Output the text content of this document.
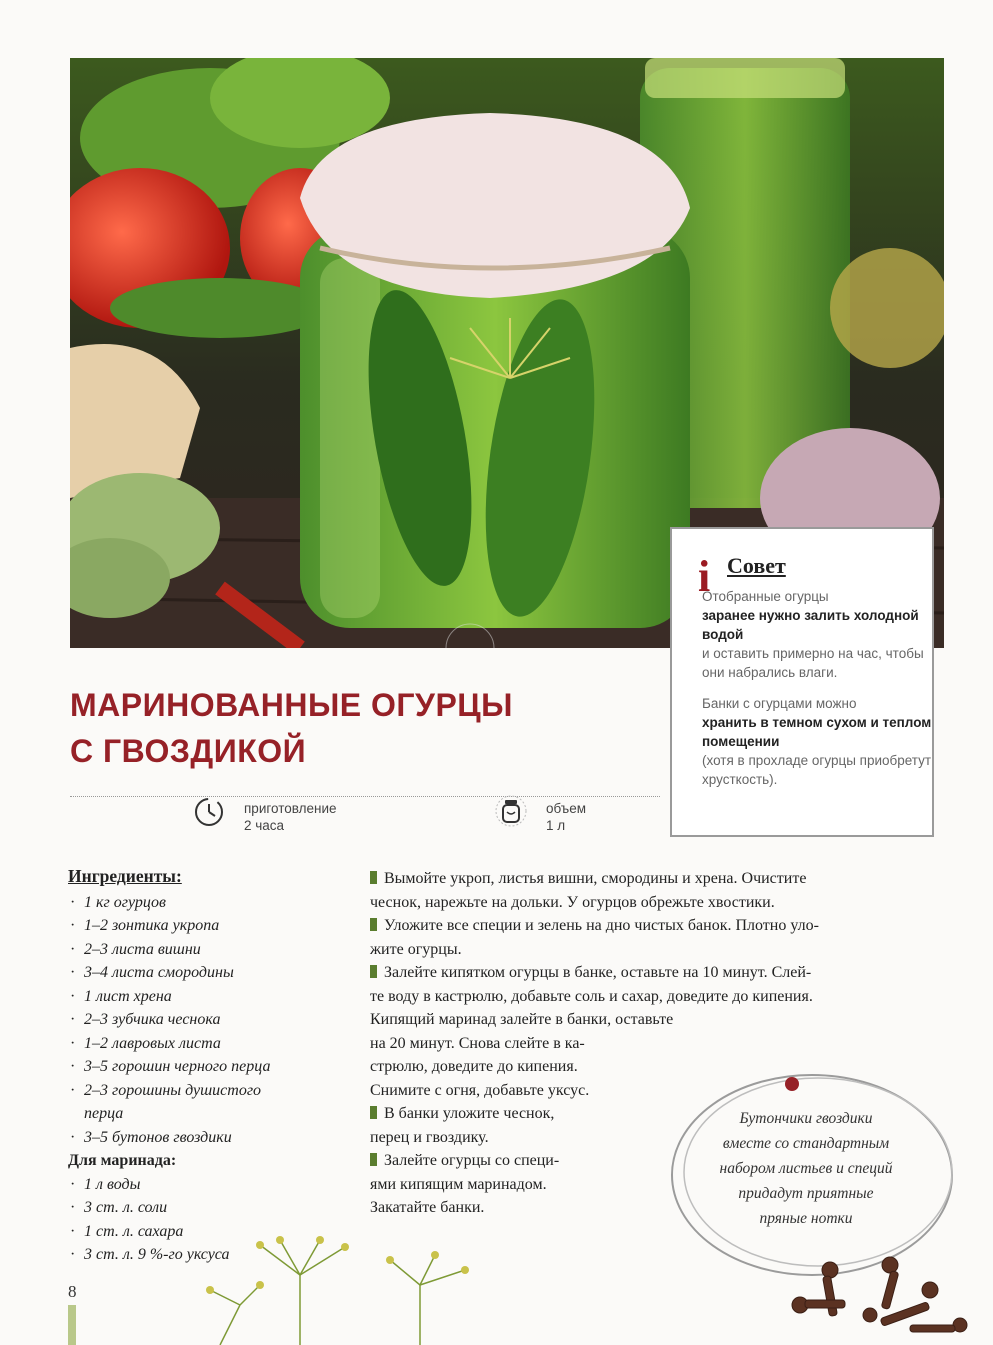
i Совет

Отобранные огурцы
заранее нужно залить холодной водой
и оставить примерно на час, чтобы они набрались влаги.

Банки с огурцами можно
хранить в темном сухом и теплом помещении
(хотя в прохладе огурцы приобретут хрусткость).

МАРИНОВАННЫЕ ОГУРЦЫ
С ГВОЗДИКОЙ
приготовление
2 часа
объем
1 л
Ингредиенты:
· 1 кг огурцов
· 1–2 зонтика укропа
· 2–3 листа вишни
· 3–4 листа смородины
· 1 лист хрена
· 2–3 зубчика чеснока
· 1–2 лавровых листа
· 3–5 горошин черного перца
· 2–3 горошины душистого перца
· 3–5 бутонов гвоздики
Для маринада:
· 1 л воды
· 3 ст. л. соли
· 1 ст. л. сахара
· 3 ст. л. 9 %-го уксуса
Вымойте укроп, листья вишни, смородины и хрена. Очистите
чеснок, нарежьте на дольки. У огурцов обрежьте хвостики.
Уложите все специи и зелень на дно чистых банок. Плотно уло-
жите огурцы.
Залейте кипятком огурцы в банке, оставьте на 10 минут. Слей-
те воду в кастрюлю, добавьте соль и сахар, доведите до кипения.
Кипящий маринад залейте в банки, оставьте
на 20 минут. Снова слейте в ка-
стрюлю, доведите до кипения.
Снимите с огня, добавьте уксус.
В банки уложите чеснок,
перец и гвоздику.
Залейте огурцы со специ-
ями кипящим маринадом.
Закатайте банки.
Бутончики гвоздики
вместе со стандартным
набором листьев и специй
придадут приятные
пряные нотки
8
